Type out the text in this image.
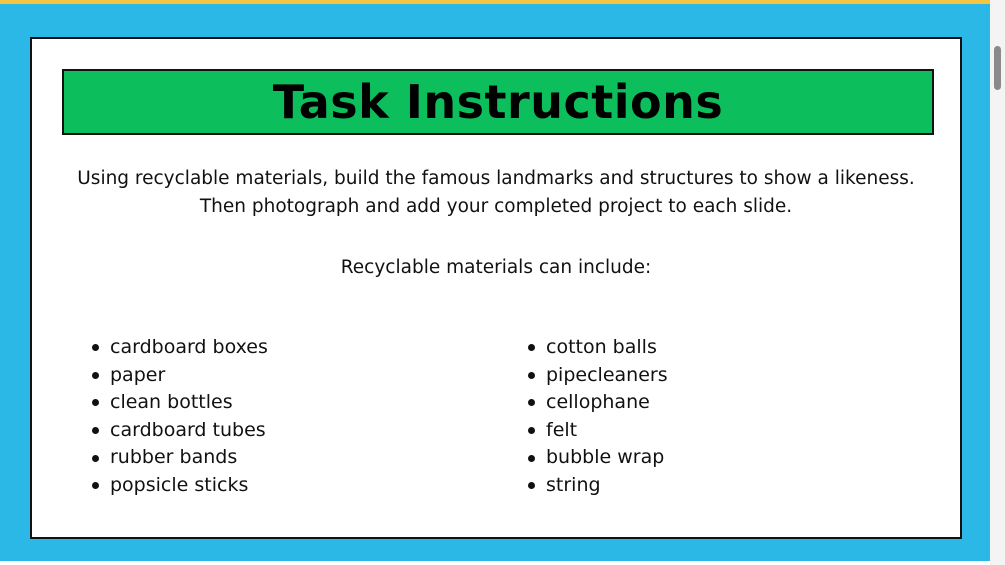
Task Instructions
Using recyclable materials, build the famous landmarks and structures to show a likeness.
Then photograph and add your completed project to each slide.
Recyclable materials can include:
cardboard boxes
paper
clean bottles
cardboard tubes
rubber bands
popsicle sticks
cotton balls
pipecleaners
cellophane
felt
bubble wrap
string
